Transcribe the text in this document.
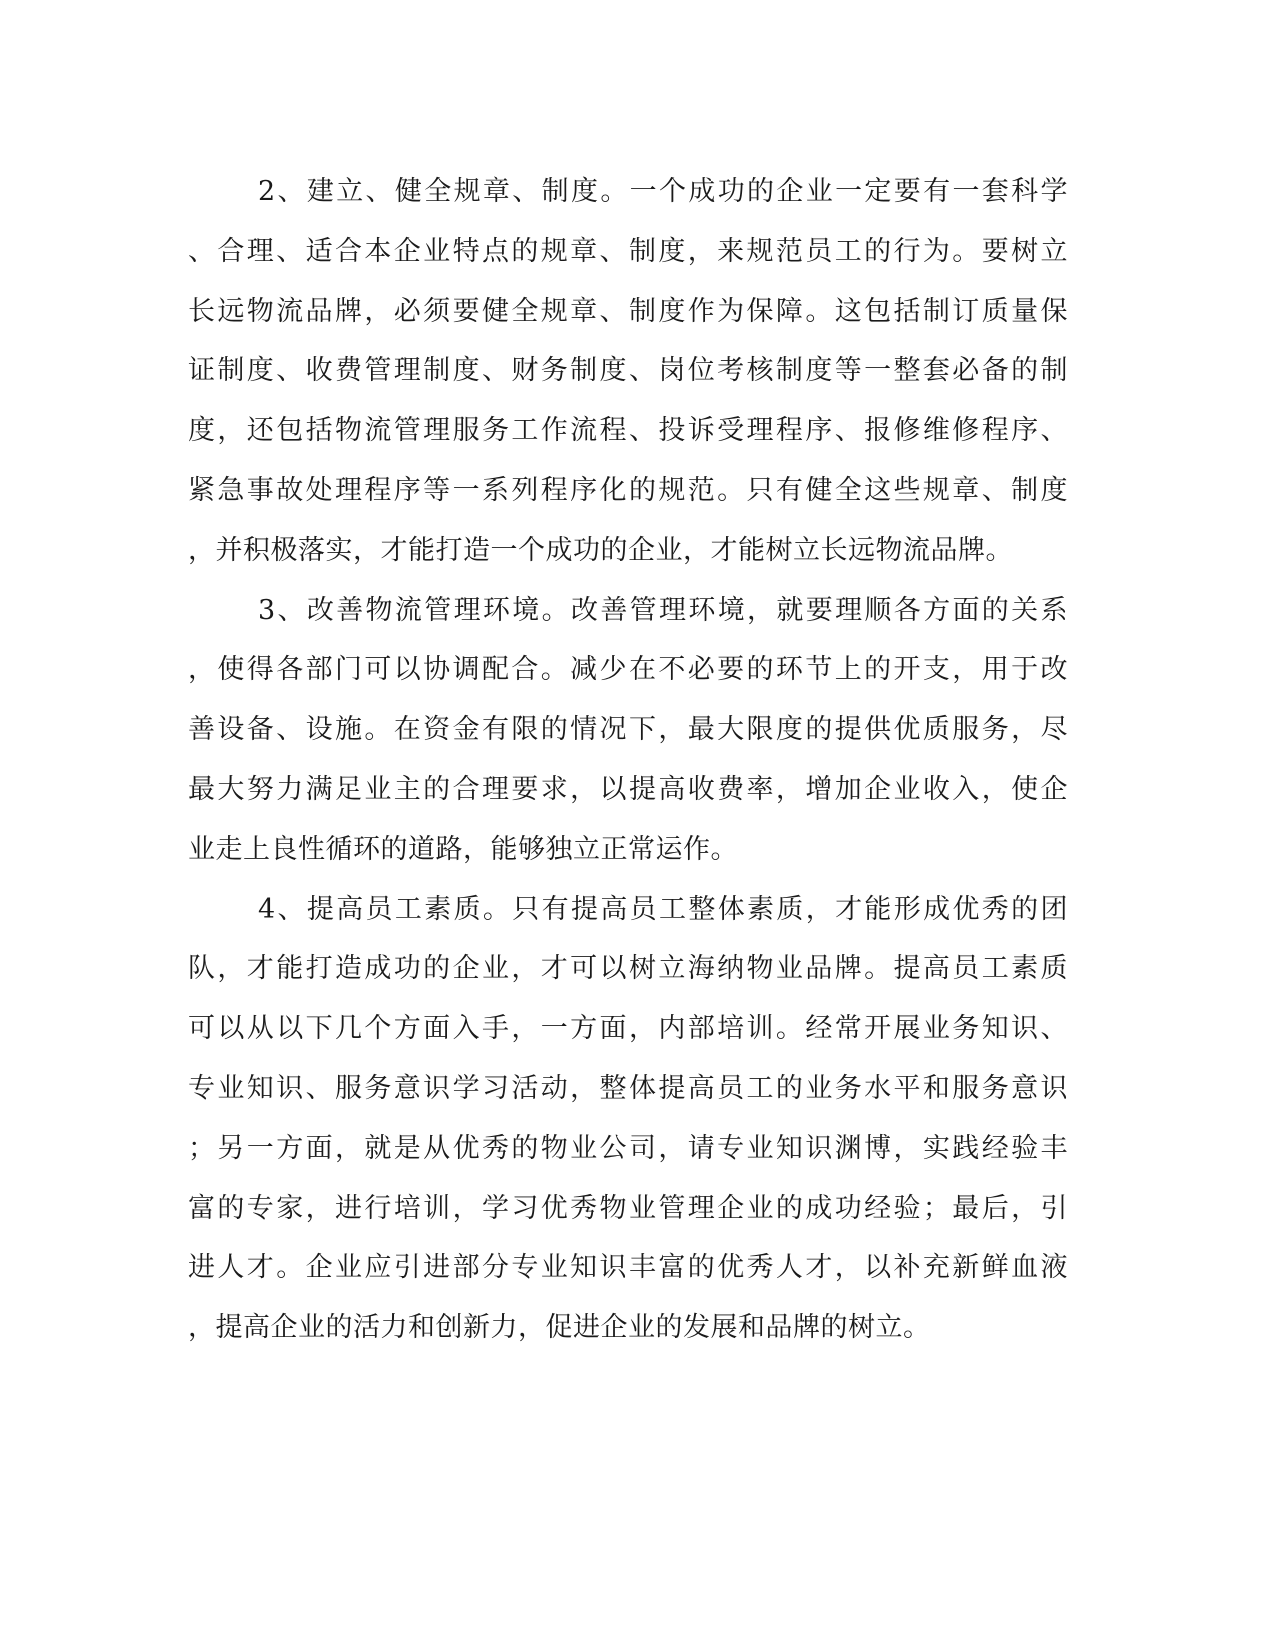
2、建立、健全规章、制度。一个成功的企业一定要有一套科学
、合理、适合本企业特点的规章、制度，来规范员工的行为。要树立
长远物流品牌，必须要健全规章、制度作为保障。这包括制订质量保
证制度、收费管理制度、财务制度、岗位考核制度等一整套必备的制
度，还包括物流管理服务工作流程、投诉受理程序、报修维修程序、
紧急事故处理程序等一系列程序化的规范。只有健全这些规章、制度
，并积极落实，才能打造一个成功的企业，才能树立长远物流品牌。
3、改善物流管理环境。改善管理环境，就要理顺各方面的关系
，使得各部门可以协调配合。减少在不必要的环节上的开支，用于改
善设备、设施。在资金有限的情况下，最大限度的提供优质服务，尽
最大努力满足业主的合理要求，以提高收费率，增加企业收入，使企
业走上良性循环的道路，能够独立正常运作。
4、提高员工素质。只有提高员工整体素质，才能形成优秀的团
队，才能打造成功的企业，才可以树立海纳物业品牌。提高员工素质
可以从以下几个方面入手，一方面，内部培训。经常开展业务知识、
专业知识、服务意识学习活动，整体提高员工的业务水平和服务意识
；另一方面，就是从优秀的物业公司，请专业知识渊博，实践经验丰
富的专家，进行培训，学习优秀物业管理企业的成功经验；最后，引
进人才。企业应引进部分专业知识丰富的优秀人才，以补充新鲜血液
，提高企业的活力和创新力，促进企业的发展和品牌的树立。
